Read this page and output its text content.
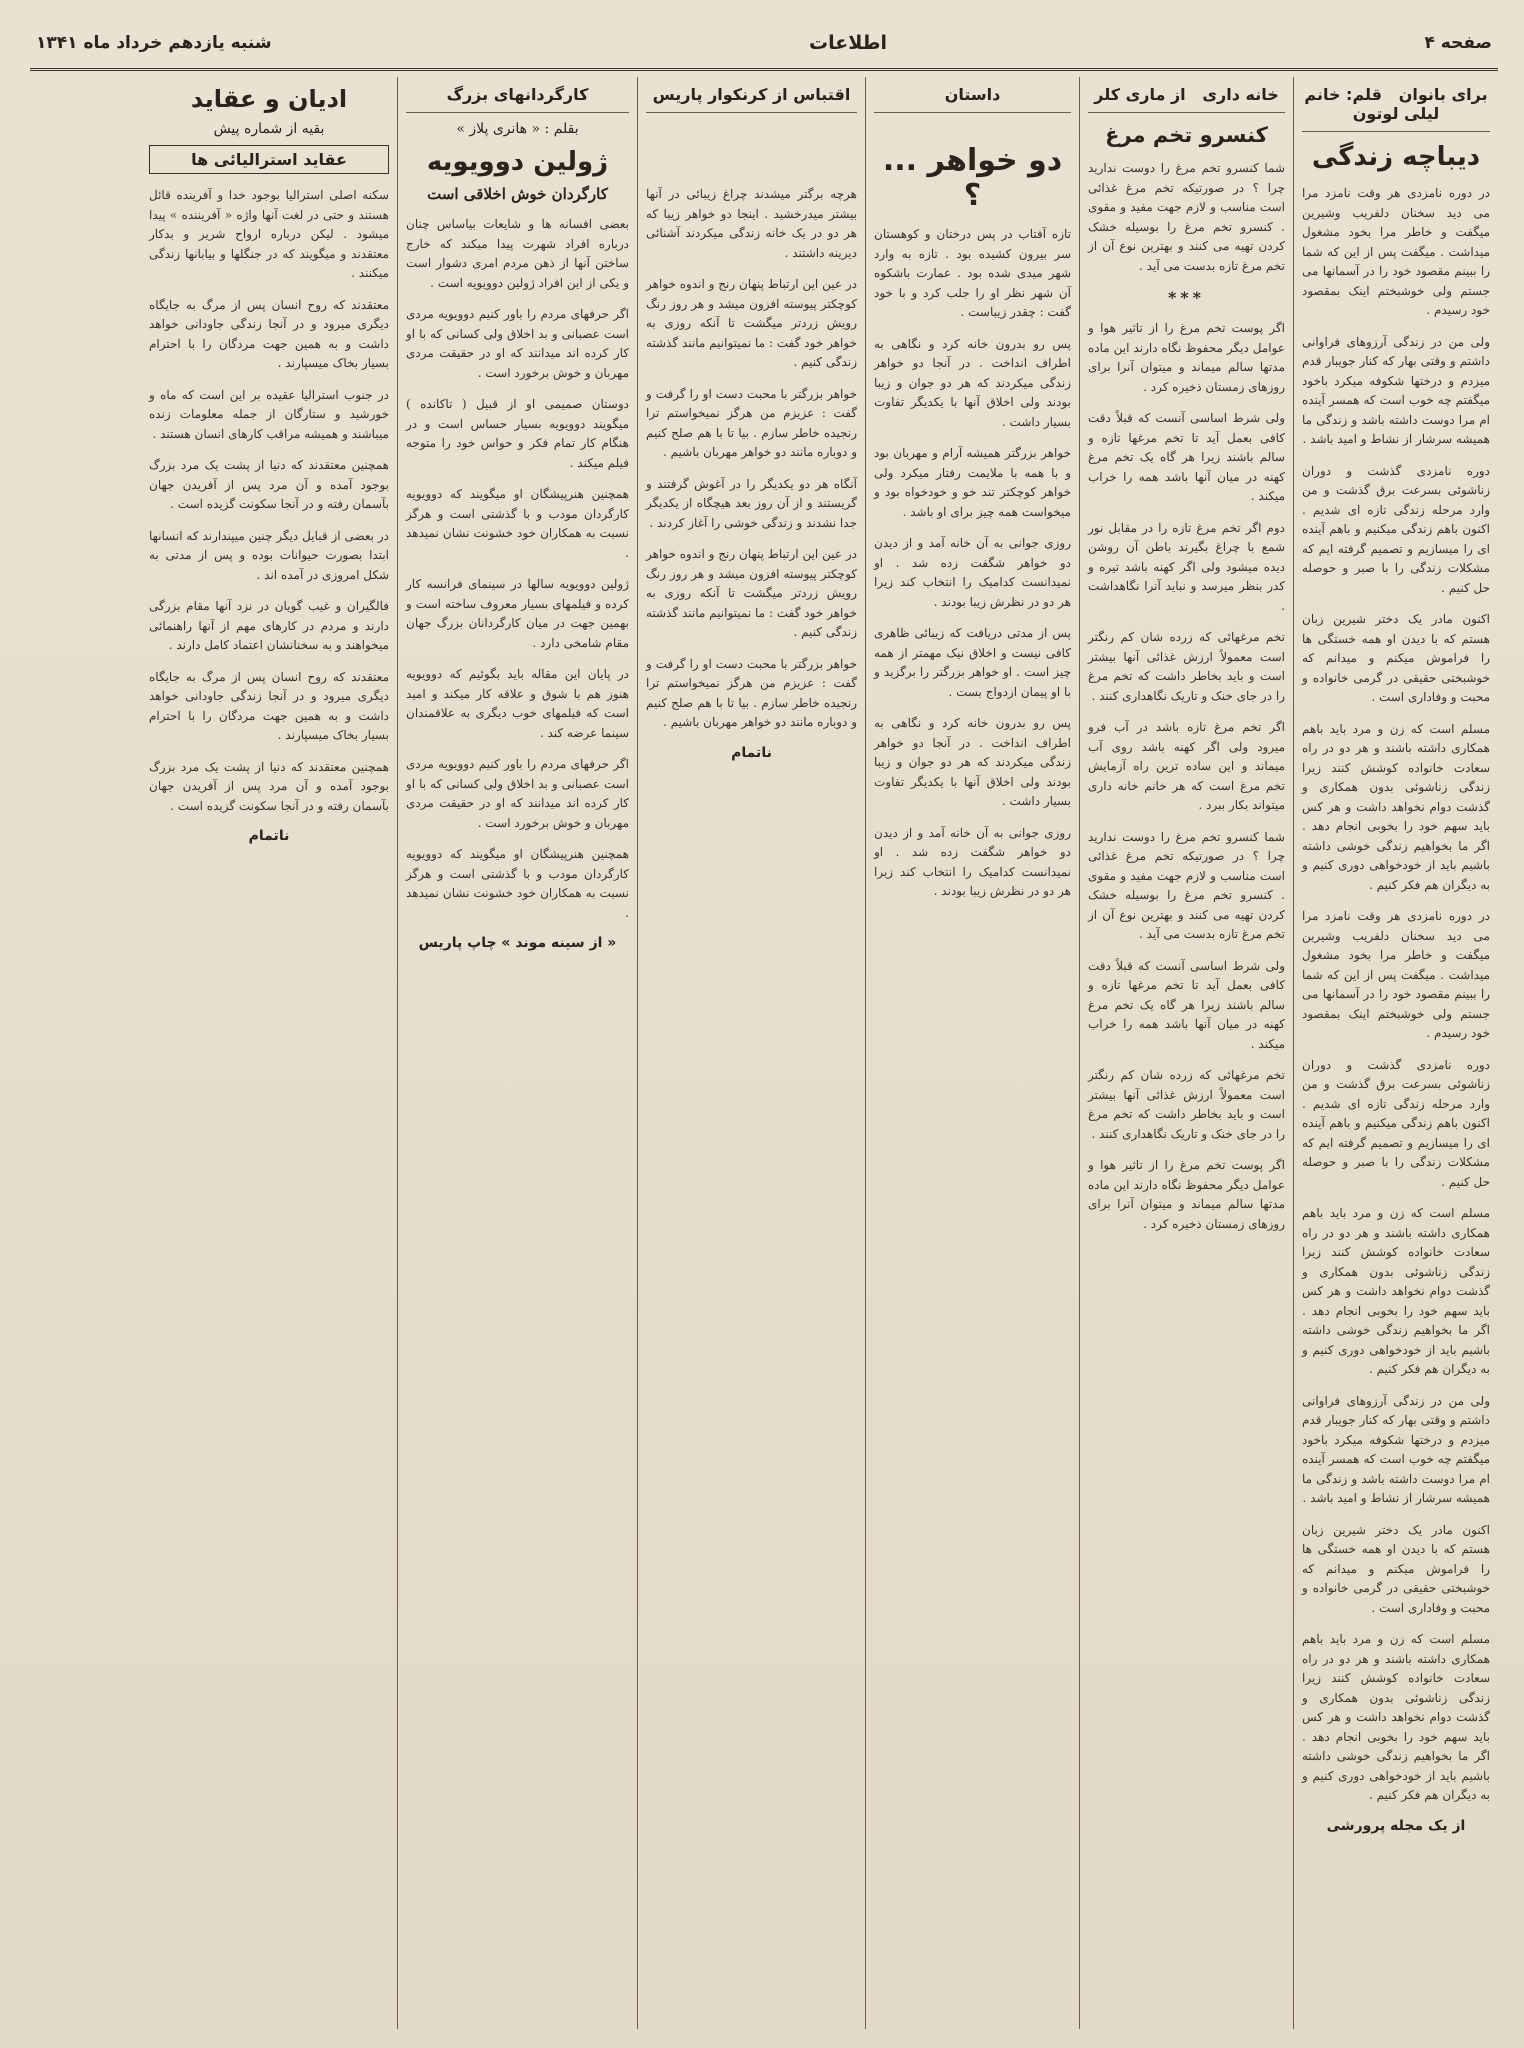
صفحه ۴
اطلاعات
شنبه یازدهم خرداد ماه ۱۳۴۱
برای بانوان   قلم: خانم لیلی لوتون
دیباچه زندگی

در دوره نامزدی هر وقت نامزد مرا می دید سخنان دلفریب وشیرین میگفت و خاطر مرا بخود مشغول میداشت . میگفت پس از این که شما را ببینم مقصود خود را در آسمانها می جستم ولی خوشبختم اینک بمقصود خود رسیدم .

ولی من در زندگی آرزوهای فراوانی داشتم و وقتی بهار که کنار جویبار قدم میزدم و درختها شکوفه میکرد باخود میگفتم چه خوب است که همسر آینده ام مرا دوست داشته باشد و زندگی ما همیشه سرشار از نشاط و امید باشد .

دوره نامزدی گذشت و دوران زناشوئی بسرعت برق گذشت و من وارد مرحله زندگی تازه ای شدیم . اکنون باهم زندگی میکنیم و باهم آینده ای را میسازیم و تصمیم گرفته ایم که مشکلات زندگی را با صبر و حوصله حل کنیم .

اکنون مادر یک دختر شیرین زبان هستم که با دیدن او همه خستگی ها را فراموش میکنم و میدانم که خوشبختی حقیقی در گرمی خانواده و محبت و وفاداری است .

مسلم است که زن و مرد باید باهم همکاری داشته باشند و هر دو در راه سعادت خانواده کوشش کنند زیرا زندگی زناشوئی بدون همکاری و گذشت دوام نخواهد داشت و هر کس باید سهم خود را بخوبی انجام دهد . اگر ما بخواهیم زندگی خوشی داشته باشیم باید از خودخواهی دوری کنیم و به دیگران هم فکر کنیم .

در دوره نامزدی هر وقت نامزد مرا می دید سخنان دلفریب وشیرین میگفت و خاطر مرا بخود مشغول میداشت . میگفت پس از این که شما را ببینم مقصود خود را در آسمانها می جستم ولی خوشبختم اینک بمقصود خود رسیدم .

دوره نامزدی گذشت و دوران زناشوئی بسرعت برق گذشت و من وارد مرحله زندگی تازه ای شدیم . اکنون باهم زندگی میکنیم و باهم آینده ای را میسازیم و تصمیم گرفته ایم که مشکلات زندگی را با صبر و حوصله حل کنیم .

مسلم است که زن و مرد باید باهم همکاری داشته باشند و هر دو در راه سعادت خانواده کوشش کنند زیرا زندگی زناشوئی بدون همکاری و گذشت دوام نخواهد داشت و هر کس باید سهم خود را بخوبی انجام دهد . اگر ما بخواهیم زندگی خوشی داشته باشیم باید از خودخواهی دوری کنیم و به دیگران هم فکر کنیم .

ولی من در زندگی آرزوهای فراوانی داشتم و وقتی بهار که کنار جویبار قدم میزدم و درختها شکوفه میکرد باخود میگفتم چه خوب است که همسر آینده ام مرا دوست داشته باشد و زندگی ما همیشه سرشار از نشاط و امید باشد .

اکنون مادر یک دختر شیرین زبان هستم که با دیدن او همه خستگی ها را فراموش میکنم و میدانم که خوشبختی حقیقی در گرمی خانواده و محبت و وفاداری است .

مسلم است که زن و مرد باید باهم همکاری داشته باشند و هر دو در راه سعادت خانواده کوشش کنند زیرا زندگی زناشوئی بدون همکاری و گذشت دوام نخواهد داشت و هر کس باید سهم خود را بخوبی انجام دهد . اگر ما بخواهیم زندگی خوشی داشته باشیم باید از خودخواهی دوری کنیم و به دیگران هم فکر کنیم .

از یک مجله پرورشی
خانه داری   از ماری کلر
کنسرو تخم مرغ

شما کنسرو تخم مرغ را دوست ندارید چرا ؟ در صورتیکه تخم مرغ غذائی است مناسب و لازم جهت مفید و مقوی . کنسرو تخم مرغ را بوسیله خشک کردن تهیه می کنند و بهترین نوع آن از تخم مرغ تازه بدست می آید .

***

اگر پوست تخم مرغ را از تاثیر هوا و عوامل دیگر محفوظ نگاه دارند این ماده مدتها سالم میماند و میتوان آنرا برای روزهای زمستان ذخیره کرد .

ولی شرط اساسی آنست که قبلاً دقت کافی بعمل آید تا تخم مرغها تازه و سالم باشند زیرا هر گاه یک تخم مرغ کهنه در میان آنها باشد همه را خراب میکند .

دوم اگر تخم مرغ تازه را در مقابل نور شمع با چراغ بگیرند باطن آن روشن دیده میشود ولی اگر کهنه باشد تیره و کدر بنظر میرسد و نباید آنرا نگاهداشت .

تخم مرغهائی که زرده شان کم رنگتر است معمولاً ارزش غذائی آنها بیشتر است و باید بخاطر داشت که تخم مرغ را در جای خنک و تاریک نگاهداری کنند .

اگر تخم مرغ تازه باشد در آب فرو میرود ولی اگر کهنه باشد روی آب میماند و این ساده ترین راه آزمایش تخم مرغ است که هر خانم خانه داری میتواند بکار ببرد .

شما کنسرو تخم مرغ را دوست ندارید چرا ؟ در صورتیکه تخم مرغ غذائی است مناسب و لازم جهت مفید و مقوی . کنسرو تخم مرغ را بوسیله خشک کردن تهیه می کنند و بهترین نوع آن از تخم مرغ تازه بدست می آید .

ولی شرط اساسی آنست که قبلاً دقت کافی بعمل آید تا تخم مرغها تازه و سالم باشند زیرا هر گاه یک تخم مرغ کهنه در میان آنها باشد همه را خراب میکند .

تخم مرغهائی که زرده شان کم رنگتر است معمولاً ارزش غذائی آنها بیشتر است و باید بخاطر داشت که تخم مرغ را در جای خنک و تاریک نگاهداری کنند .

اگر پوست تخم مرغ را از تاثیر هوا و عوامل دیگر محفوظ نگاه دارند این ماده مدتها سالم میماند و میتوان آنرا برای روزهای زمستان ذخیره کرد .

داستان
دو خواهر ... ؟

تازه آفتاب در پس درختان و کوهستان سر بیرون کشیده بود . تازه به وارد شهر میدی شده بود . عمارت باشکوه آن شهر نظر او را جلب کرد و با خود گفت : چقدر زیباست .

پس رو بدرون خانه کرد و نگاهی به اطراف انداخت . در آنجا دو خواهر زندگی میکردند که هر دو جوان و زیبا بودند ولی اخلاق آنها با یکدیگر تفاوت بسیار داشت .

خواهر بزرگتر همیشه آرام و مهربان بود و با همه با ملایمت رفتار میکرد ولی خواهر کوچکتر تند خو و خودخواه بود و میخواست همه چیز برای او باشد .

روزی جوانی به آن خانه آمد و از دیدن دو خواهر شگفت زده شد . او نمیدانست کدامیک را انتخاب کند زیرا هر دو در نظرش زیبا بودند .

پس از مدتی دریافت که زیبائی ظاهری کافی نیست و اخلاق نیک مهمتر از همه چیز است . او خواهر بزرگتر را برگزید و با او پیمان ازدواج بست .

پس رو بدرون خانه کرد و نگاهی به اطراف انداخت . در آنجا دو خواهر زندگی میکردند که هر دو جوان و زیبا بودند ولی اخلاق آنها با یکدیگر تفاوت بسیار داشت .

روزی جوانی به آن خانه آمد و از دیدن دو خواهر شگفت زده شد . او نمیدانست کدامیک را انتخاب کند زیرا هر دو در نظرش زیبا بودند .

اقتباس از کرنکوار پاریس

هرچه برگتر میشدند چراغ زیبائی در آنها بیشتر میدرخشید . اینجا دو خواهر زیبا که هر دو در یک خانه زندگی میکردند آشنائی دیرینه داشتند .

در عین این ارتباط پنهان رنج و اندوه خواهر کوچکتر پیوسته افزون میشد و هر روز رنگ رویش زردتر میگشت تا آنکه روزی به خواهر خود گفت : ما نمیتوانیم مانند گذشته زندگی کنیم .

خواهر بزرگتر با محبت دست او را گرفت و گفت : عزیزم من هرگز نمیخواستم ترا رنجیده خاطر سازم . بیا تا با هم صلح کنیم و دوباره مانند دو خواهر مهربان باشیم .

آنگاه هر دو یکدیگر را در آغوش گرفتند و گریستند و از آن روز بعد هیچگاه از یکدیگر جدا نشدند و زندگی خوشی را آغاز کردند .

در عین این ارتباط پنهان رنج و اندوه خواهر کوچکتر پیوسته افزون میشد و هر روز رنگ رویش زردتر میگشت تا آنکه روزی به خواهر خود گفت : ما نمیتوانیم مانند گذشته زندگی کنیم .

خواهر بزرگتر با محبت دست او را گرفت و گفت : عزیزم من هرگز نمیخواستم ترا رنجیده خاطر سازم . بیا تا با هم صلح کنیم و دوباره مانند دو خواهر مهربان باشیم .

ناتمام
کارگردانهای بزرگ
بقلم : « هانری پلاز »
ژولین دوویویه
کارگردان خوش اخلاقی است

بعضی افسانه ها و شایعات بیاساس چنان درباره افراد شهرت پیدا میکند که خارج ساختن آنها از ذهن مردم امری دشوار است و یکی از این افراد ژولین دوویویه است .

اگر حرفهای مردم را باور کنیم دوویویه مردی است عصبانی و بد اخلاق ولی کسانی که با او کار کرده اند میدانند که او در حقیقت مردی مهربان و خوش برخورد است .

دوستان صمیمی او از قبیل ( تاکانده ) میگویند دوویویه بسیار حساس است و در هنگام کار تمام فکر و حواس خود را متوجه فیلم میکند .

همچنین هنرپیشگان او میگویند که دوویویه کارگردان مودب و با گذشتی است و هرگز نسبت به همکاران خود خشونت نشان نمیدهد .

ژولین دوویویه سالها در سینمای فرانسه کار کرده و فیلمهای بسیار معروف ساخته است و بهمین جهت در میان کارگردانان بزرگ جهان مقام شامخی دارد .

در پایان این مقاله باید بگوئیم که دوویویه هنوز هم با شوق و علاقه کار میکند و امید است که فیلمهای خوب دیگری به علاقمندان سینما عرضه کند .

اگر حرفهای مردم را باور کنیم دوویویه مردی است عصبانی و بد اخلاق ولی کسانی که با او کار کرده اند میدانند که او در حقیقت مردی مهربان و خوش برخورد است .

همچنین هنرپیشگان او میگویند که دوویویه کارگردان مودب و با گذشتی است و هرگز نسبت به همکاران خود خشونت نشان نمیدهد .

« از سینه موند » چاپ پاریس
ادیان و عقاید
بقیه از شماره پیش
عقاید استرالیائی ها

سکنه اصلی استرالیا بوجود خدا و آفرینده قائل هستند و حتی در لغت آنها واژه « آفریننده » پیدا میشود . لیکن درباره ارواح شریر و بدکار معتقدند و میگویند که در جنگلها و بیابانها زندگی میکنند .

معتقدند که روح انسان پس از مرگ به جایگاه دیگری میرود و در آنجا زندگی جاودانی خواهد داشت و به همین جهت مردگان را با احترام بسیار بخاک میسپارند .

در جنوب استرالیا عقیده بر این است که ماه و خورشید و ستارگان از جمله معلومات زنده میباشند و همیشه مراقب کارهای انسان هستند .

همچنین معتقدند که دنیا از پشت یک مرد بزرگ بوجود آمده و آن مرد پس از آفریدن جهان بآسمان رفته و در آنجا سکونت گزیده است .

در بعضی از قبایل دیگر چنین میپندارند که انسانها ابتدا بصورت حیوانات بوده و پس از مدتی به شکل امروزی در آمده اند .

فالگیران و غیب گویان در نزد آنها مقام بزرگی دارند و مردم در کارهای مهم از آنها راهنمائی میخواهند و به سخنانشان اعتماد کامل دارند .

معتقدند که روح انسان پس از مرگ به جایگاه دیگری میرود و در آنجا زندگی جاودانی خواهد داشت و به همین جهت مردگان را با احترام بسیار بخاک میسپارند .

همچنین معتقدند که دنیا از پشت یک مرد بزرگ بوجود آمده و آن مرد پس از آفریدن جهان بآسمان رفته و در آنجا سکونت گزیده است .

ناتمام
